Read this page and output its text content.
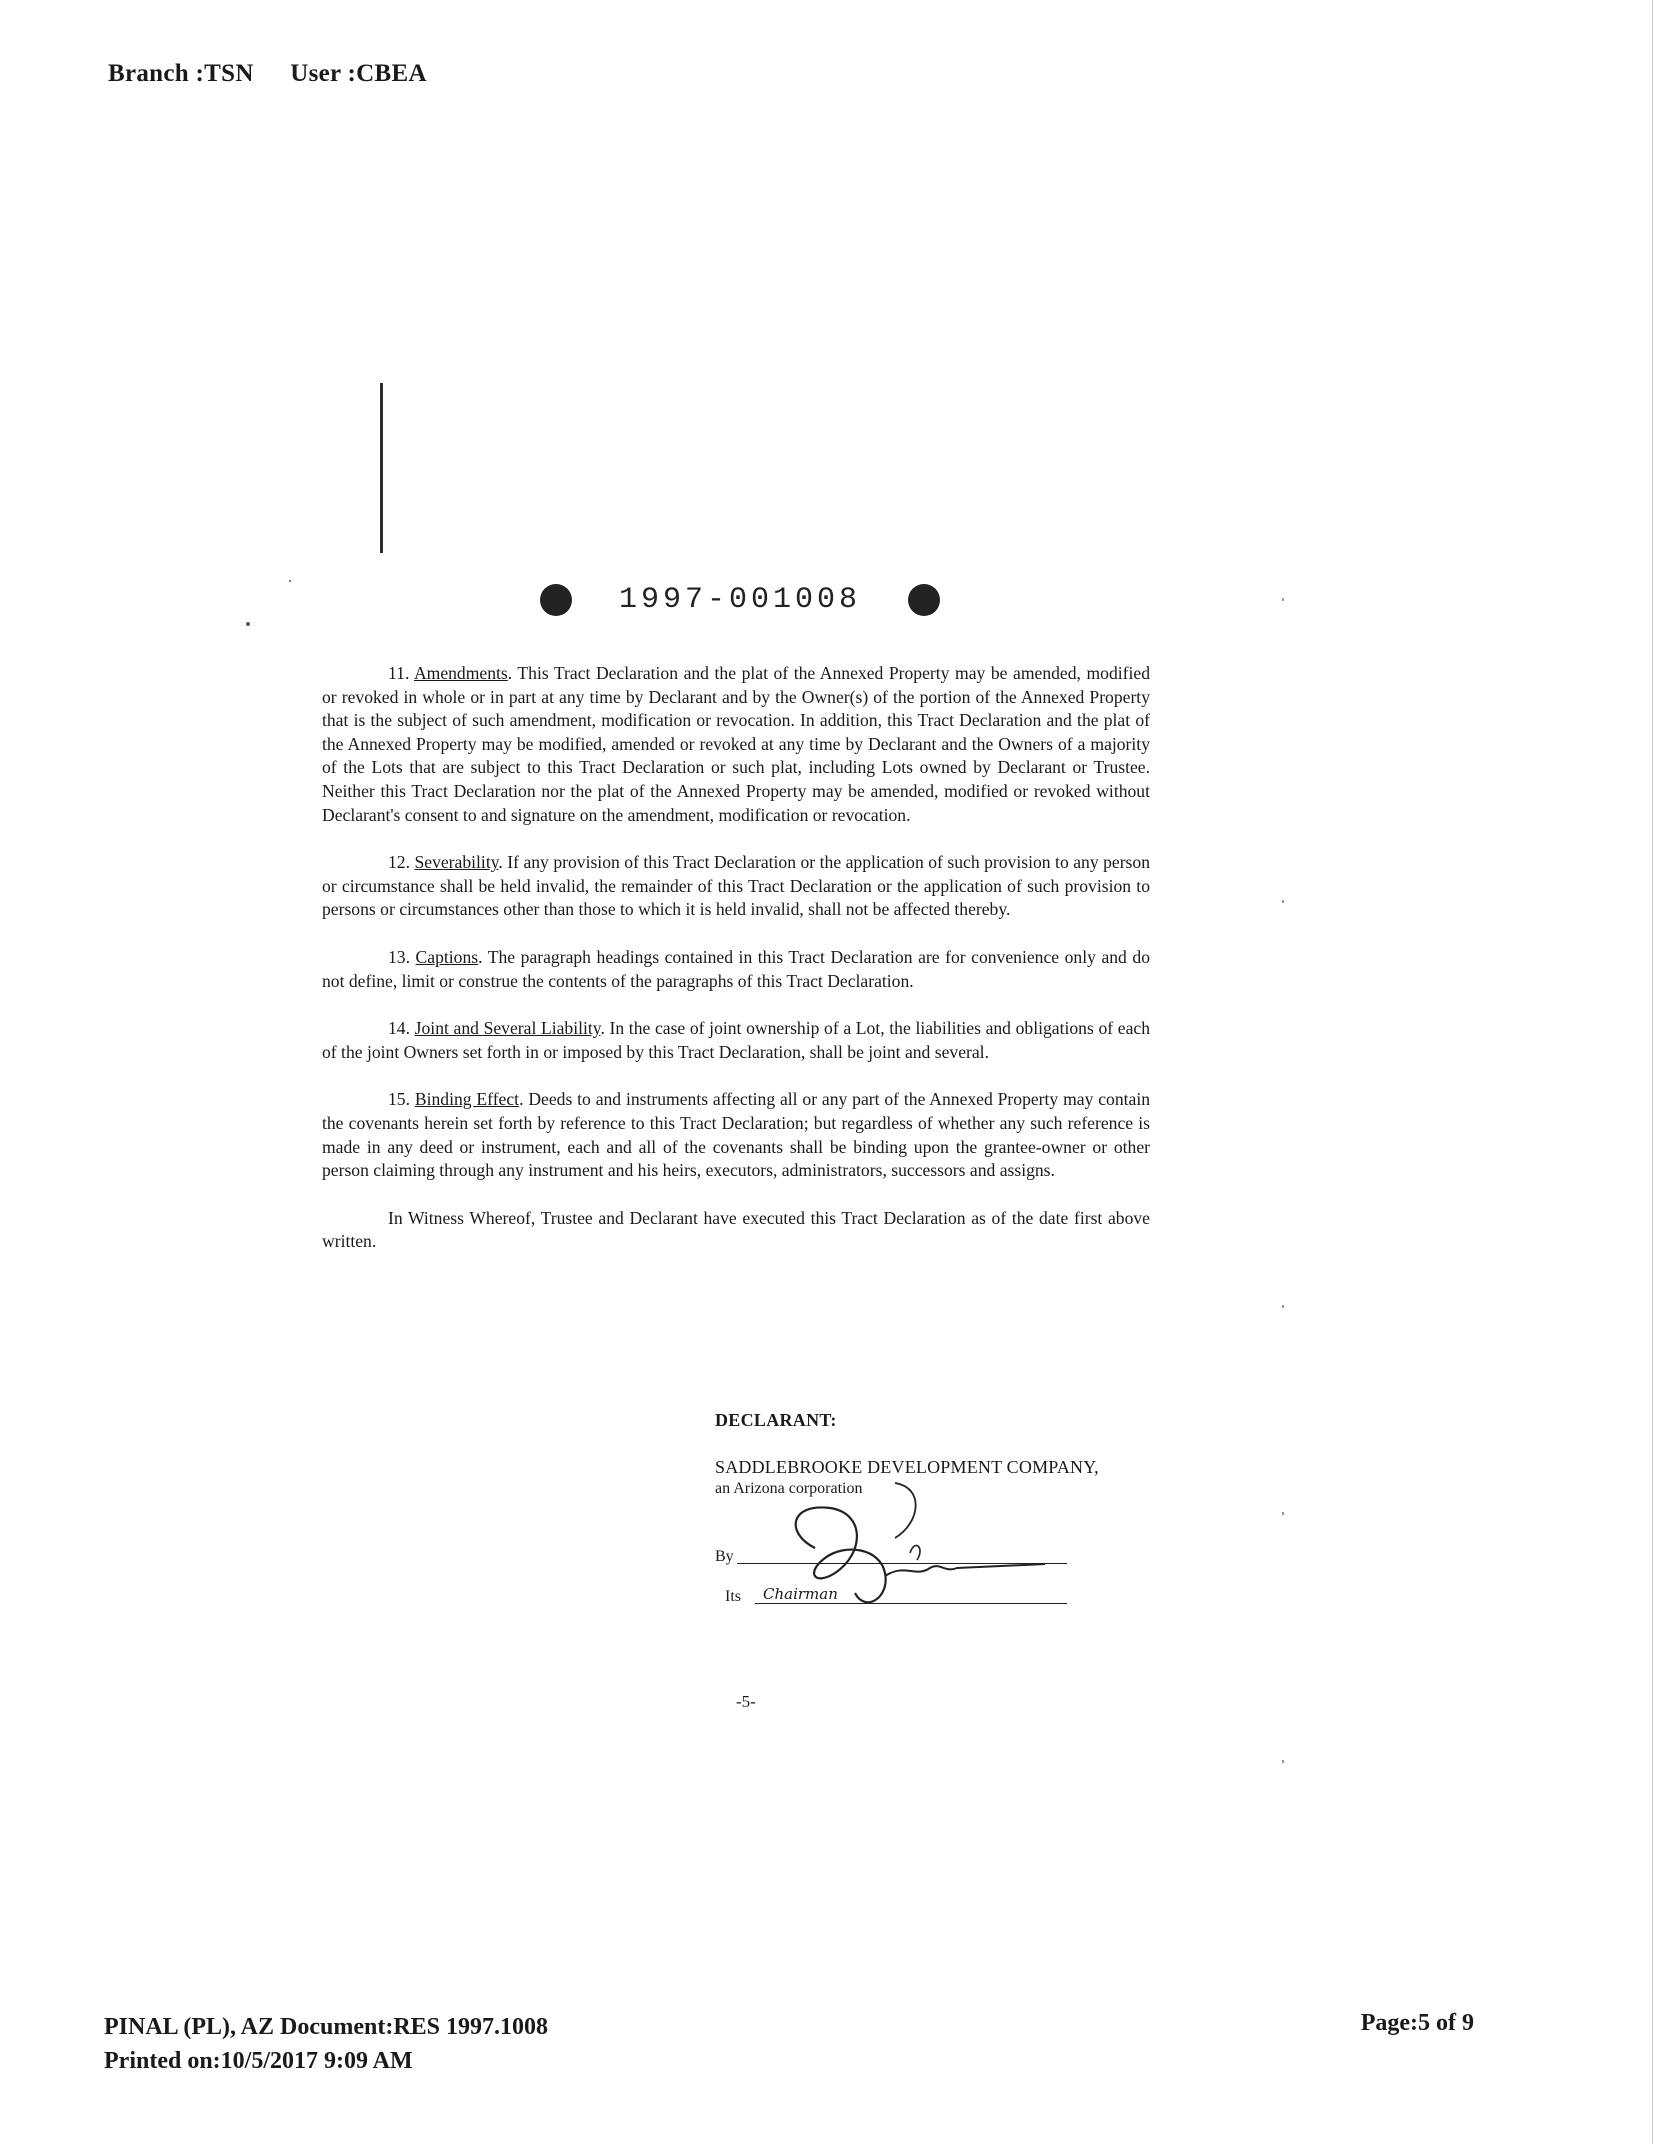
Branch :TSN User :CBEA
1997-001008

11. Amendments. This Tract Declaration and the plat of the Annexed Property may be amended, modified or revoked in whole or in part at any time by Declarant and by the Owner(s) of the portion of the Annexed Property that is the subject of such amendment, modification or revocation. In addition, this Tract Declaration and the plat of the Annexed Property may be modified, amended or revoked at any time by Declarant and the Owners of a majority of the Lots that are subject to this Tract Declaration or such plat, including Lots owned by Declarant or Trustee. Neither this Tract Declaration nor the plat of the Annexed Property may be amended, modified or revoked without Declarant's consent to and signature on the amendment, modification or revocation.

12. Severability. If any provision of this Tract Declaration or the application of such provision to any person or circumstance shall be held invalid, the remainder of this Tract Declaration or the application of such provision to persons or circumstances other than those to which it is held invalid, shall not be affected thereby.

13. Captions. The paragraph headings contained in this Tract Declaration are for convenience only and do not define, limit or construe the contents of the paragraphs of this Tract Declaration.

14. Joint and Several Liability. In the case of joint ownership of a Lot, the liabilities and obligations of each of the joint Owners set forth in or imposed by this Tract Declaration, shall be joint and several.

15. Binding Effect. Deeds to and instruments affecting all or any part of the Annexed Property may contain the covenants herein set forth by reference to this Tract Declaration; but regardless of whether any such reference is made in any deed or instrument, each and all of the covenants shall be binding upon the grantee-owner or other person claiming through any instrument and his heirs, executors, administrators, successors and assigns.

In Witness Whereof, Trustee and Declarant have executed this Tract Declaration as of the date first above written.

DECLARANT:
SADDLEBROOKE DEVELOPMENT COMPANY,
an Arizona corporation
By
Its Chairman
-5-
PINAL (PL), AZ Document:RES 1997.1008
Printed on:10/5/2017 9:09 AM
Page:5 of 9
